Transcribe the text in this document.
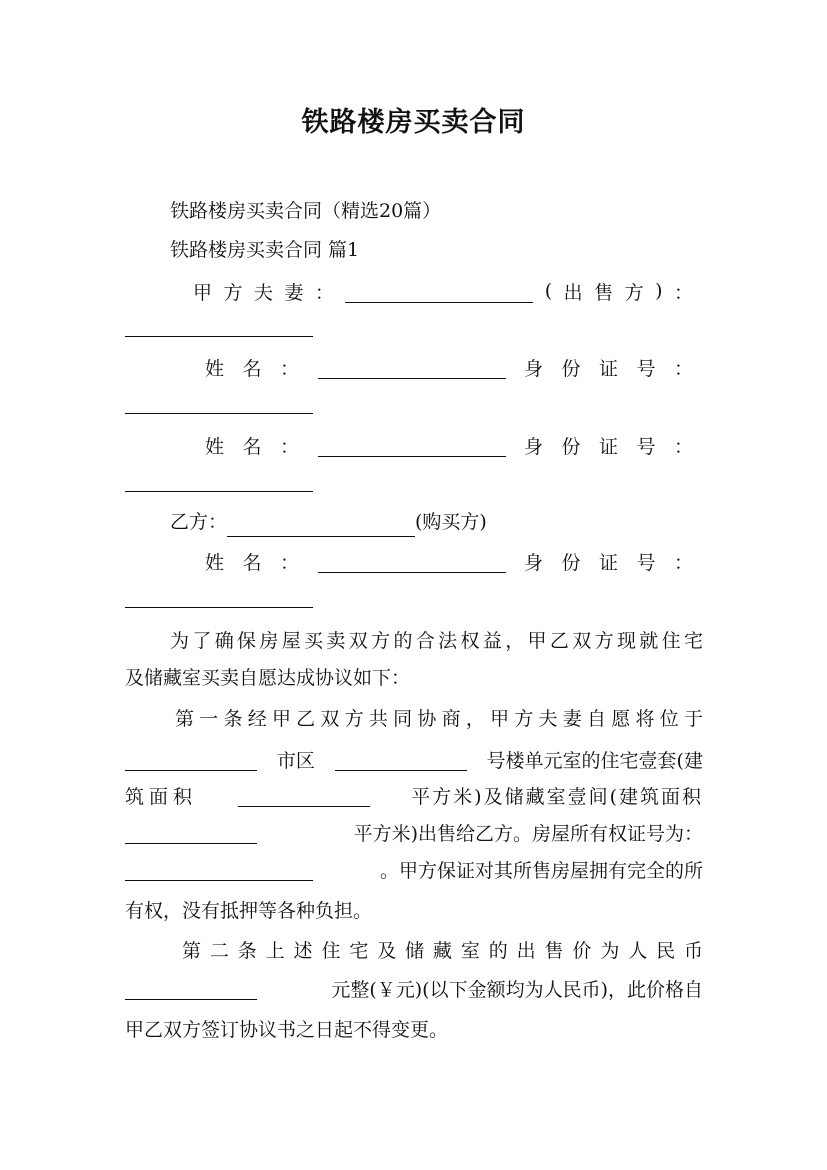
铁路楼房买卖合同
铁路楼房买卖合同（精选20篇）
铁路楼房买卖合同 篇1
甲 方 夫 妻 ：	( 出 售 方 ) ：
姓 名 ：	身 份 证 号 ：
姓 名 ：	身 份 证 号 ：
乙方：	(购买方)
姓 名 ：	身 份 证 号 ：
为了确保房屋买卖双方的合法权益，甲乙双方现就住宅
及储藏室买卖自愿达成协议如下：
第一条经甲乙双方共同协商，甲方夫妻自愿将位于
市区	号楼单元室的住宅壹套(建
筑面积	平方米)及储藏室壹间(建筑面积
平方米)出售给乙方。房屋所有权证号为：
。甲方保证对其所售房屋拥有完全的所
有权，没有抵押等各种负担。
第二条上述住宅及储藏室的出售价为人民币
元整(￥元)(以下金额均为人民币)，此价格自
甲乙双方签订协议书之日起不得变更。
